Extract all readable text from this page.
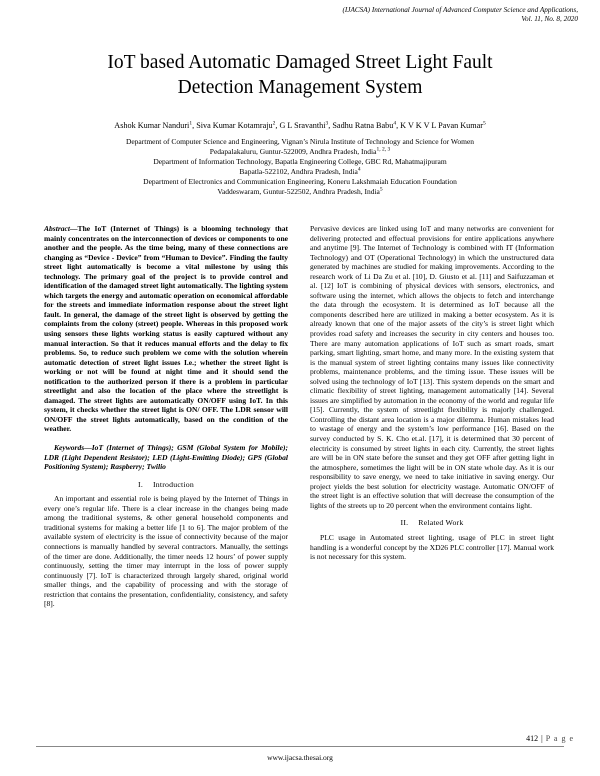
(IJACSA) International Journal of Advanced Computer Science and Applications,
Vol. 11, No. 8, 2020
IoT based Automatic Damaged Street Light Fault
Detection Management System
Ashok Kumar Nanduri$^1$, Siva Kumar Kotamraju$^2$, G L Sravanthi$^3$, Sadhu Ratna Babu$^4$, K V K V L Pavan Kumar$^5$
Department of Computer Science and Engineering, Vignan’s Nirula Institute of Technology and Science for Women
Pedapalakaluru, Guntur-522009, Andhra Pradesh, India$^{1, 2, 3}$
Department of Information Technology, Bapatla Engineering College, GBC Rd, Mahatmajipuram
Bapatla-522102, Andhra Pradesh, India$^4$
Department of Electronics and Communication Engineering, Koneru Lakshmaiah Education Foundation
Vaddeswaram, Guntur-522502, Andhra Pradesh, India$^5$

Abstract—The IoT (Internet of Things) is a blooming technology that mainly concentrates on the interconnection of devices or components to one another and the people. As the time being, many of these connections are changing as “Device - Device” from “Human to Device”. Finding the faulty street light automatically is become a vital milestone by using this technology. The primary goal of the project is to provide control and identification of the damaged street light automatically. The lighting system which targets the energy and automatic operation on economical affordable for the streets and immediate information response about the street light fault. In general, the damage of the street light is observed by getting the complaints from the colony (street) people. Whereas in this proposed work using sensors these lights working status is easily captured without any manual interaction. So that it reduces manual efforts and the delay to fix problems. So, to reduce such problem we come with the solution wherein automatic detection of street light issues I.e.; whether the street light is working or not will be found at night time and it should send the notification to the authorized person if there is a problem in particular streetlight and also the location of the place where the streetlight is damaged. The street lights are automatically ON/OFF using IoT. In this system, it checks whether the street light is ON/ OFF. The LDR sensor will ON/OFF the street lights automatically, based on the condition of the weather.

Keywords—IoT (Internet of Things); GSM (Global System for Mobile); LDR (Light Dependent Resistor); LED (Light-Emitting Diode); GPS (Global Positioning System); Raspberry; Twilio

I. Introduction

An important and essential role is being played by the Internet of Things in every one’s regular life. There is a clear increase in the changes being made among the traditional systems, & other general household components and traditional systems for making a better life [1 to 6]. The major problem of the available system of electricity is the issue of connectivity because of the major connections is manually handled by several contractors. Manually, the settings of the timer are done. Additionally, the timer needs 12 hours’ of power supply continuously, setting the timer may interrupt in the loss of power supply continuously [7]. IoT is characterized through largely shared, original world smaller things, and the capability of processing and with the storage of restriction that contains the presentation, confidentiality, consistency, and safety [8].

Pervasive devices are linked using IoT and many networks are convenient for delivering protected and effectual provisions for entire applications anywhere and anytime [9]. The Internet of Technology is combined with IT (Information Technology) and OT (Operational Technology) in which the unstructured data generated by machines are studied for making improvements. According to the research work of Li Da Zu et al. [10], D. Giusto et al. [11] and Saifuzzaman et al. [12] IoT is combining of physical devices with sensors, electronics, and software using the internet, which allows the objects to fetch and interchange the data through the ecosystem. It is determined as IoT because all the components described here are utilized in making a better ecosystem. As it is already known that one of the major assets of the city’s is street light which provides road safety and increases the security in city centers and houses too. There are many automation applications of IoT such as smart roads, smart parking, smart lighting, smart home, and many more. In the existing system that is the manual system of street lighting contains many issues like connectivity problems, maintenance problems, and the timing issue. These issues will be solved using the technology of IoT [13]. This system depends on the smart and climatic flexibility of street lighting, management automatically [14]. Several issues are simplified by automation in the economy of the world and regular life [15]. Currently, the system of streetlight flexibility is majorly challenged. Controlling the distant area location is a major dilemma. Human mistakes lead to wastage of energy and the system’s low performance [16]. Based on the survey conducted by S. K. Cho et.al. [17], it is determined that 30 percent of electricity is consumed by street lights in each city. Currently, the street lights are will be in ON state before the sunset and they get OFF after getting light in the atmosphere, sometimes the light will be in ON state whole day. As it is our responsibility to save energy, we need to take initiative in saving energy. Our project yields the best solution for electricity wastage. Automatic ON/OFF of the street light is an effective solution that will decrease the consumption of the lights of the streets up to 20 percent when the environment contains light.

II. Related Work

PLC usage in Automated street lighting, usage of PLC in street light handling is a wonderful concept by the XD26 PLC controller [17]. Manual work is not necessary for this system.

412 | P a g e
www.ijacsa.thesai.org
